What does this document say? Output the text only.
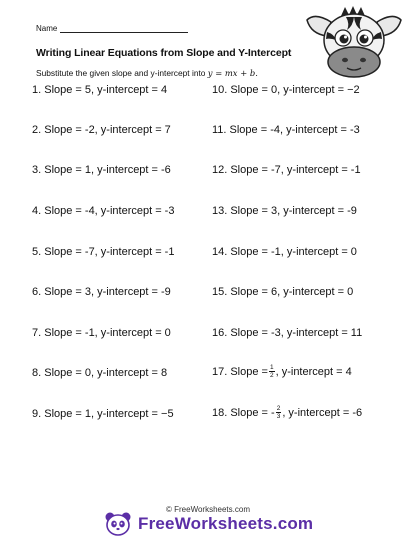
Name
Writing Linear Equations from Slope and Y-Intercept
Substitute the given slope and y-intercept into y = mx + b.
1. Slope = 5, y-intercept = 4
2. Slope = -2, y-intercept = 7
3. Slope = 1, y-intercept = -6
4. Slope = -4, y-intercept = -3
5. Slope = -7, y-intercept = -1
6. Slope = 3, y-intercept = -9
7. Slope = -1, y-intercept = 0
8. Slope = 0, y-intercept = 8
9. Slope = 1, y-intercept = −5
10. Slope = 0, y-intercept = −2
11. Slope = -4, y-intercept = -3
12. Slope = -7, y-intercept = -1
13. Slope = 3, y-intercept = -9
14. Slope = -1, y-intercept = 0
15. Slope = 6, y-intercept = 0
16. Slope = -3, y-intercept = 11
17. Slope = $\frac{1}{2}$ , y-intercept = 4
18. Slope = - $\frac{2}{3}$ , y-intercept = -6
© FreeWorksheets.com
FreeWorksheets.com
